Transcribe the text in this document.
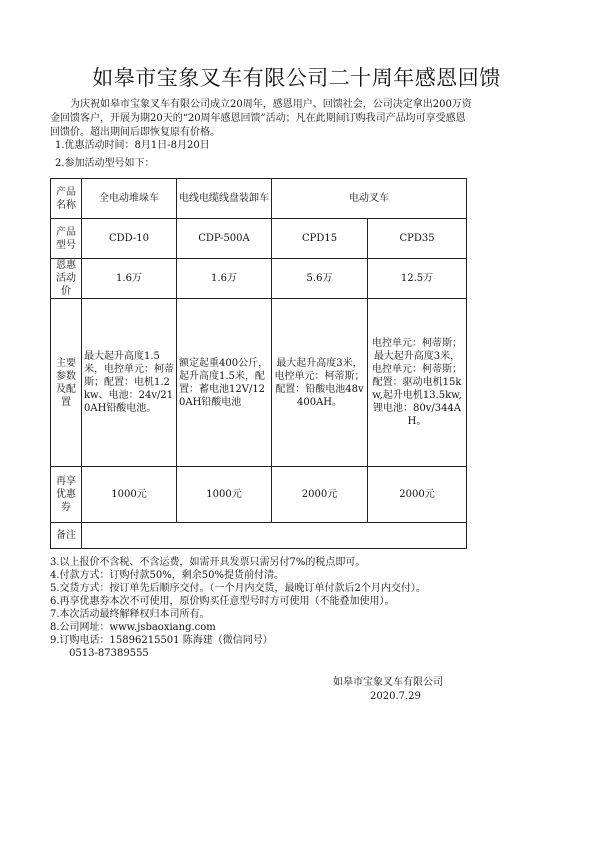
如皋市宝象叉车有限公司二十周年感恩回馈
为庆祝如皋市宝象叉车有限公司成立20周年，感恩用户、回馈社会，公司决定拿出200万资金回馈客户，开展为期20天的“20周年感恩回馈”活动；凡在此期间订购我司产品均可享受感恩回馈价。超出期间后即恢复原有价格。
1.优惠活动时间：8月1日-8月20日
2.参加活动型号如下：
产品名称	全电动堆垛车	电线电缆线盘装卸车	电动叉车	
产品型号	CDD-10	CDP-500A	CPD15	CPD35
恩惠活动价	1.6万	1.6万	5.6万	12.5万
主要参数及配置	最大起升高度1.5米，电控单元：柯蒂斯；配置：电机1.2kw、电池：24v/210AH铅酸电池。	额定起重400公斤，起升高度1.5米，配置：蓄电池12V/120AH铅酸电池	最大起升高度3米，电控单元：柯蒂斯；配置：铅酸电池48v400AH。	电控单元：柯蒂斯；最大起升高度3米，电控单元：柯蒂斯；配置：驱动电机15kw,起升电机13.5kw,锂电池：80v/344AH。
再享优惠券	1000元	1000元	2000元	2000元
备注				
3.以上报价不含税、不含运费，如需开具发票只需另付7%的税点即可。
4.付款方式：订购付款50%，剩余50%提货前付清。
5.交货方式：按订单先后顺序交付。（一个月内交货，最晚订单付款后2个月内交付）。
6.再享优惠券本次不可使用，原价购买任意型号时方可使用（不能叠加使用）。
7.本次活动最终解释权归本司所有。
8.公司网址：www.jsbaoxiang.com
9.订购电话：15896215501 陈海建（微信同号）
0513-87389555
如皋市宝象叉车有限公司
2020.7.29
